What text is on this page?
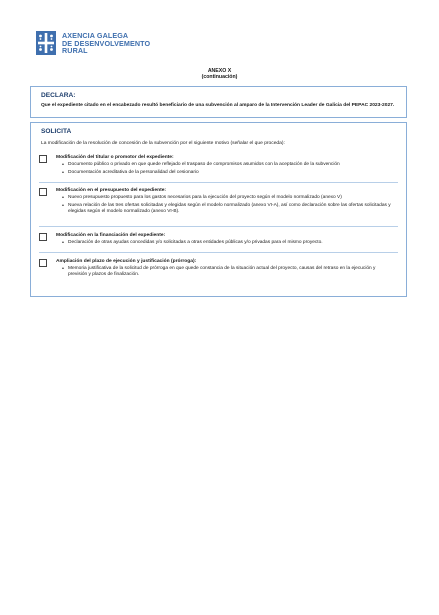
AXENCIA GALEGA
DE DESENVOLVEMENTO
RURAL
ANEXO X
(continuación)
DECLARA:
Que el expediente citado en el encabezado resultó beneficiario de una subvención al amparo de la Intervención Leader de Galicia del PEPAC 2023-2027.
SOLICITA
La modificación de la resolución de concesión de la subvención por el siguiente motivo (señalar el que proceda):
Modificación del titular o promotor del expediente:
• Documento público o privado en que quede reflejado el traspaso de compromisos asumidos con la aceptación de la subvención
• Documentación acreditativa de la personalidad del cesionario
Modificación en el presupuesto del expediente:
• Nuevo presupuesto propuesto para los gastos necesarios para la ejecución del proyecto según el modelo normalizado (anexo V)
• Nueva relación de las tres ofertas solicitadas y elegidas según el modelo normalizado (anexo VI-A), así como declaración sobre las ofertas solicitadas y elegidas según el modelo normalizado (anexo VI-B).
Modificación en la financiación del expediente:
• Declaración de otras ayudas concedidas y/o solicitadas a otras entidades públicas y/o privadas para el mismo proyecto.
Ampliación del plazo de ejecución y justificación (prórroga):
• Memoria justificativa de la solicitud de prórroga en que quede constancia de la situación actual del proyecto, causas del retraso en la ejecución y previsión y plazos de finalización.
